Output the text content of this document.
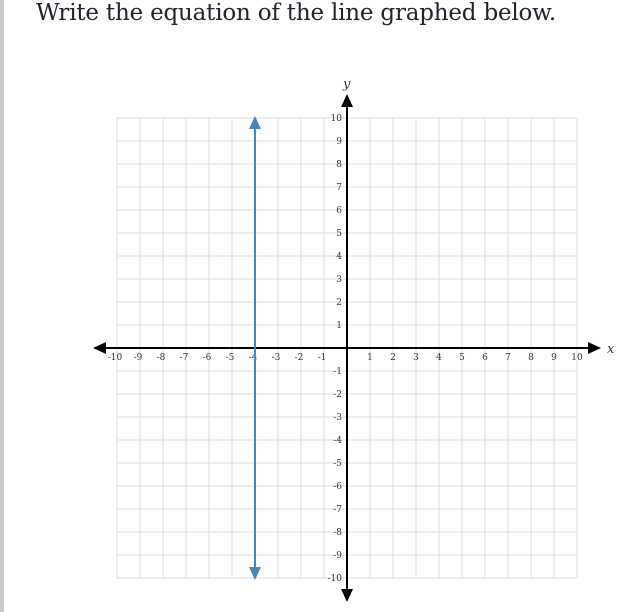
Write the equation of the line graphed below.
x
y
-10 -9 -8 -7 -6 -5 -4 -3 -2 -1	1 2 3 4 5 6 7 8 9 10
-10
-9
-8
-7
-6
-5
-4
-3
-2
-1
1
2
3
4
5
6
7
8
9
10
